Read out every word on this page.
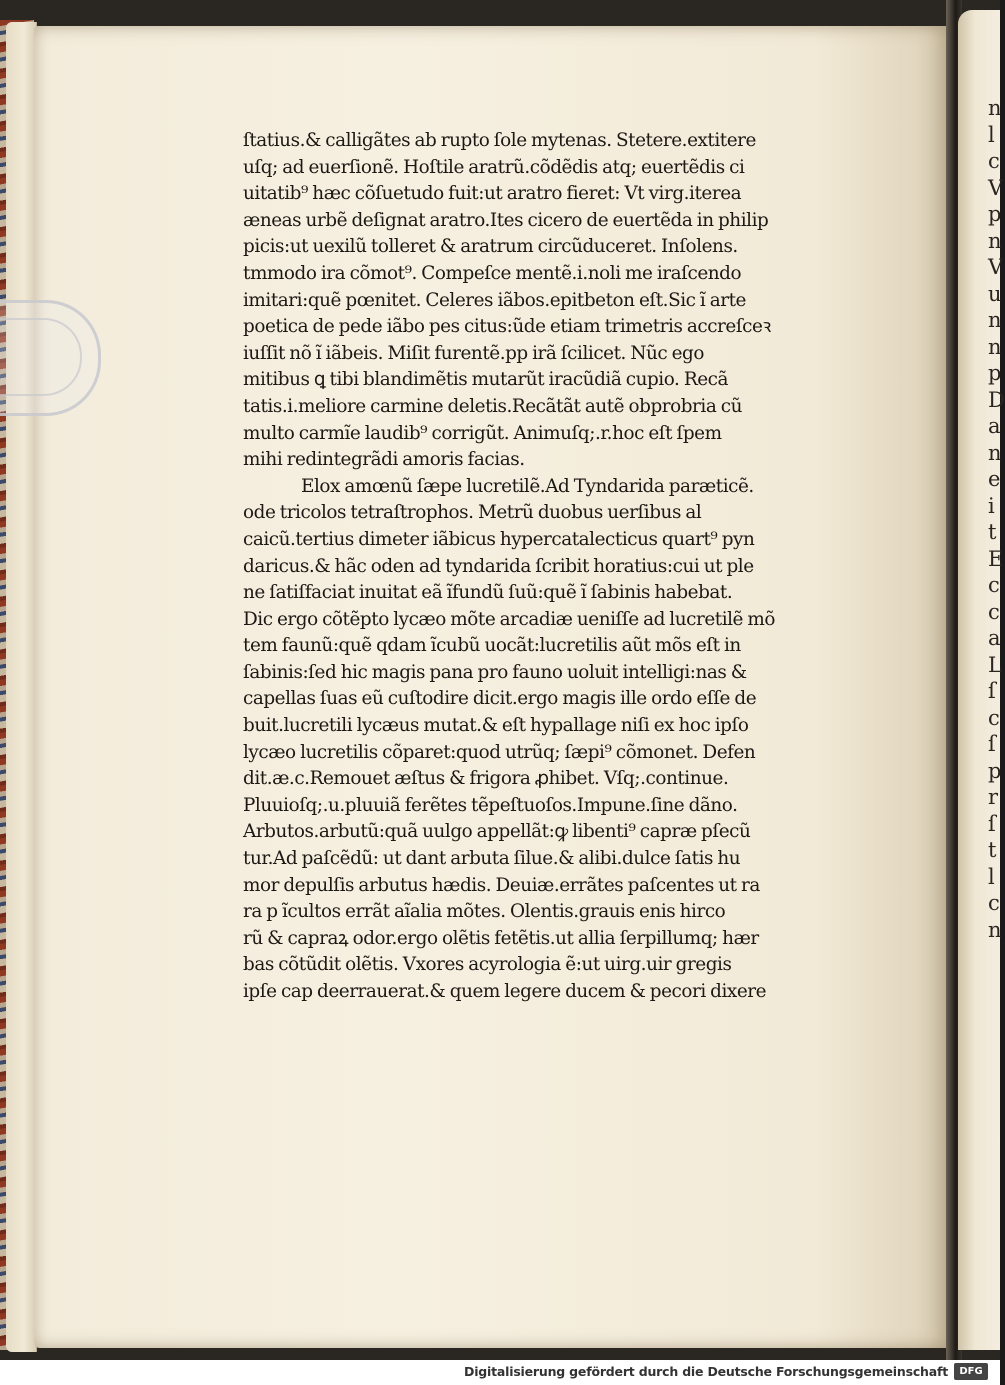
n
l
c
V
p
n
V
u
n
n
p
D
a
n
e
i
t
E
c
c
a
L
ſ
c
ſ
p
r
ſ
t
l
c
n
ſtatius.& calligãtes ab rupto ſole mytenas. Stetere.extitere
uſq; ad euerſionẽ. Hoſtile aratrũ.cõdẽdis atq; euertẽdis ci
uitatib⁹ hæc cõſuetudo fuit:ut aratro fieret: Vt virg.iterea
æneas urbẽ deſignat aratro.Ites cicero de euertẽda in philip
picis:ut uexilũ tolleret & aratrum circũduceret. Inſolens.
tmmodo ira cõmot⁹. Compeſce mentẽ.i.noli me iraſcendo
imitari:quẽ pœnitet. Celeres iãbos.epitbeton eſt.Sic ĩ arte
poetica de pede iãbo pes citus:ũde etiam trimetris accreſceꝛ
iuſſit nõ ĩ iãbeis. Miſit furentẽ.pp irã ſcilicet. Nũc ego
mitibus ꝗ tibi blandimẽtis mutarũt iracũdiã cupio. Recã
tatis.i.meliore carmine deletis.Recãtãt autẽ obprobria cũ
multo carmĩe laudib⁹ corrigũt. Animuſq;.r.hoc eſt ſpem
mihi redintegrãdi amoris facias.
Elox amœnũ ſæpe lucretilẽ.Ad Tyndarida paræticẽ.
ode tricolos tetraſtrophos. Metrũ duobus uerſibus al
caicũ.tertius dimeter iãbicus hypercatalecticus quart⁹ pyn
daricus.& hãc oden ad tyndarida ſcribit horatius:cui ut ple
ne ſatiſfaciat inuitat eã ĩfundũ ſuũ:quẽ ĩ ſabinis habebat.
Dic ergo cõtẽpto lycæo mõte arcadiæ ueniſſe ad lucretilẽ mõ
tem faunũ:quẽ qdam ĩcubũ uocãt:lucretilis aũt mõs eſt in
ſabinis:ſed hic magis pana pro fauno uoluit intelligi:nas &
capellas ſuas eũ cuſtodire dicit.ergo magis ille ordo eſſe de
buit.lucretili lycæus mutat.& eſt hypallage niſi ex hoc ipſo
lycæo lucretilis cõparet:quod utrũq; ſæpi⁹ cõmonet. Defen
dit.æ.c.Remouet æſtus & frigora ꝓhibet. Vſq;.continue.
Pluuioſq;.u.pluuiã ferẽtes tẽpeſtuoſos.Impune.ſine dãno.
Arbutos.arbutũ:quã uulgo appellãt:ꝙ libenti⁹ capræ pſecũ
tur.Ad paſcẽdũ: ut dant arbuta ſilue.& alibi.dulce ſatis hu
mor depulſis arbutus hædis. Deuiæ.errãtes paſcentes ut ra
ra p ĩcultos errãt aĩalia mõtes. Olentis.grauis enis hirco
rũ & capraꝝ odor.ergo olẽtis fetẽtis.ut allia ſerpillumq; hær
bas cõtũdit olẽtis. Vxores acyrologia ẽ:ut uirg.uir gregis
ipſe cap deerrauerat.& quem legere ducem & pecori dixere
Digitalisierung gefördert durch die Deutsche Forschungsgemeinschaft	DFG
